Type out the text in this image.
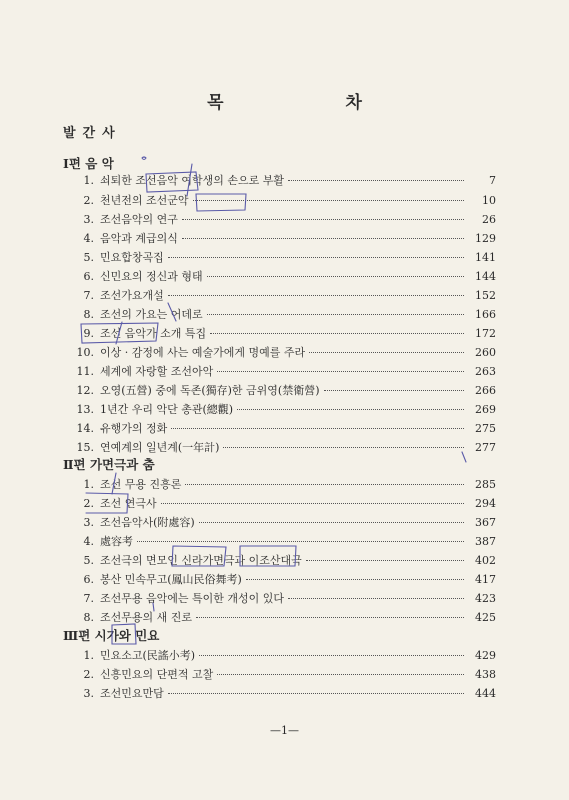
목 차
발간사
Ⅰ편 음 악
1. 쇠퇴한 조선음악 여학생의 손으로 부활	7
2. 천년전의 조선군악	10
3. 조선음악의 연구	26
4. 음악과 계급의식	129
5. 민요합창곡집	141
6. 신민요의 정신과 형태	144
7. 조선가요개설	152
8. 조선의 가요는 어데로	166
9. 조선 음악가 소개 특집	172
10. 이상 · 감정에 사는 예술가에게 명예를 주라	260
11. 세계에 자랑할 조선아악	263
12. 오영(五營) 중에 독존(獨存)한 금위영(禁衛營)	266
13. 1년간 우리 악단 총관(總觀)	269
14. 유행가의 정화	275
15. 연예계의 일년계(一年計)	277
Ⅱ편 가면극과 춤
1. 조선 무용 진흥론	285
2. 조선 연극사	294
3. 조선음악사(附處容)	367
4. 處容考	387
5. 조선극의 면모인 신라가면극과 이조산대극	402
6. 봉산 민속무고(鳳山民俗舞考)	417
7. 조선무용 음악에는 특이한 개성이 있다	423
8. 조선무용의 새 진로	425
Ⅲ편 시가와 민요
1. 민요소고(民謠小考)	429
2. 신흥민요의 단편적 고찰	438
3. 조선민요만담	444
—1—
